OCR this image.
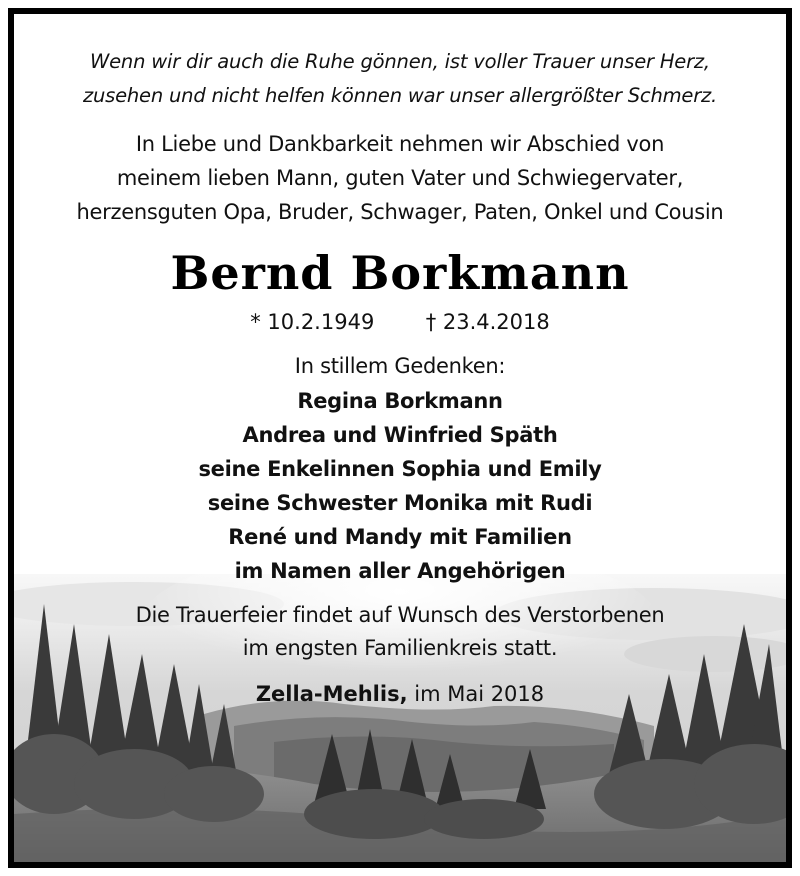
Wenn wir dir auch die Ruhe gönnen, ist voller Trauer unser Herz,
zusehen und nicht helfen können war unser allergrößter Schmerz.
In Liebe und Dankbarkeit nehmen wir Abschied von
meinem lieben Mann, guten Vater und Schwiegervater,
herzensguten Opa, Bruder, Schwager, Paten, Onkel und Cousin
Bernd Borkmann
* 10.2.1949 † 23.4.2018
In stillem Gedenken:
Regina Borkmann
Andrea und Winfried Späth
seine Enkelinnen Sophia und Emily
seine Schwester Monika mit Rudi
René und Mandy mit Familien
im Namen aller Angehörigen
Die Trauerfeier findet auf Wunsch des Verstorbenen
im engsten Familienkreis statt.
Zella-Mehlis, im Mai 2018
